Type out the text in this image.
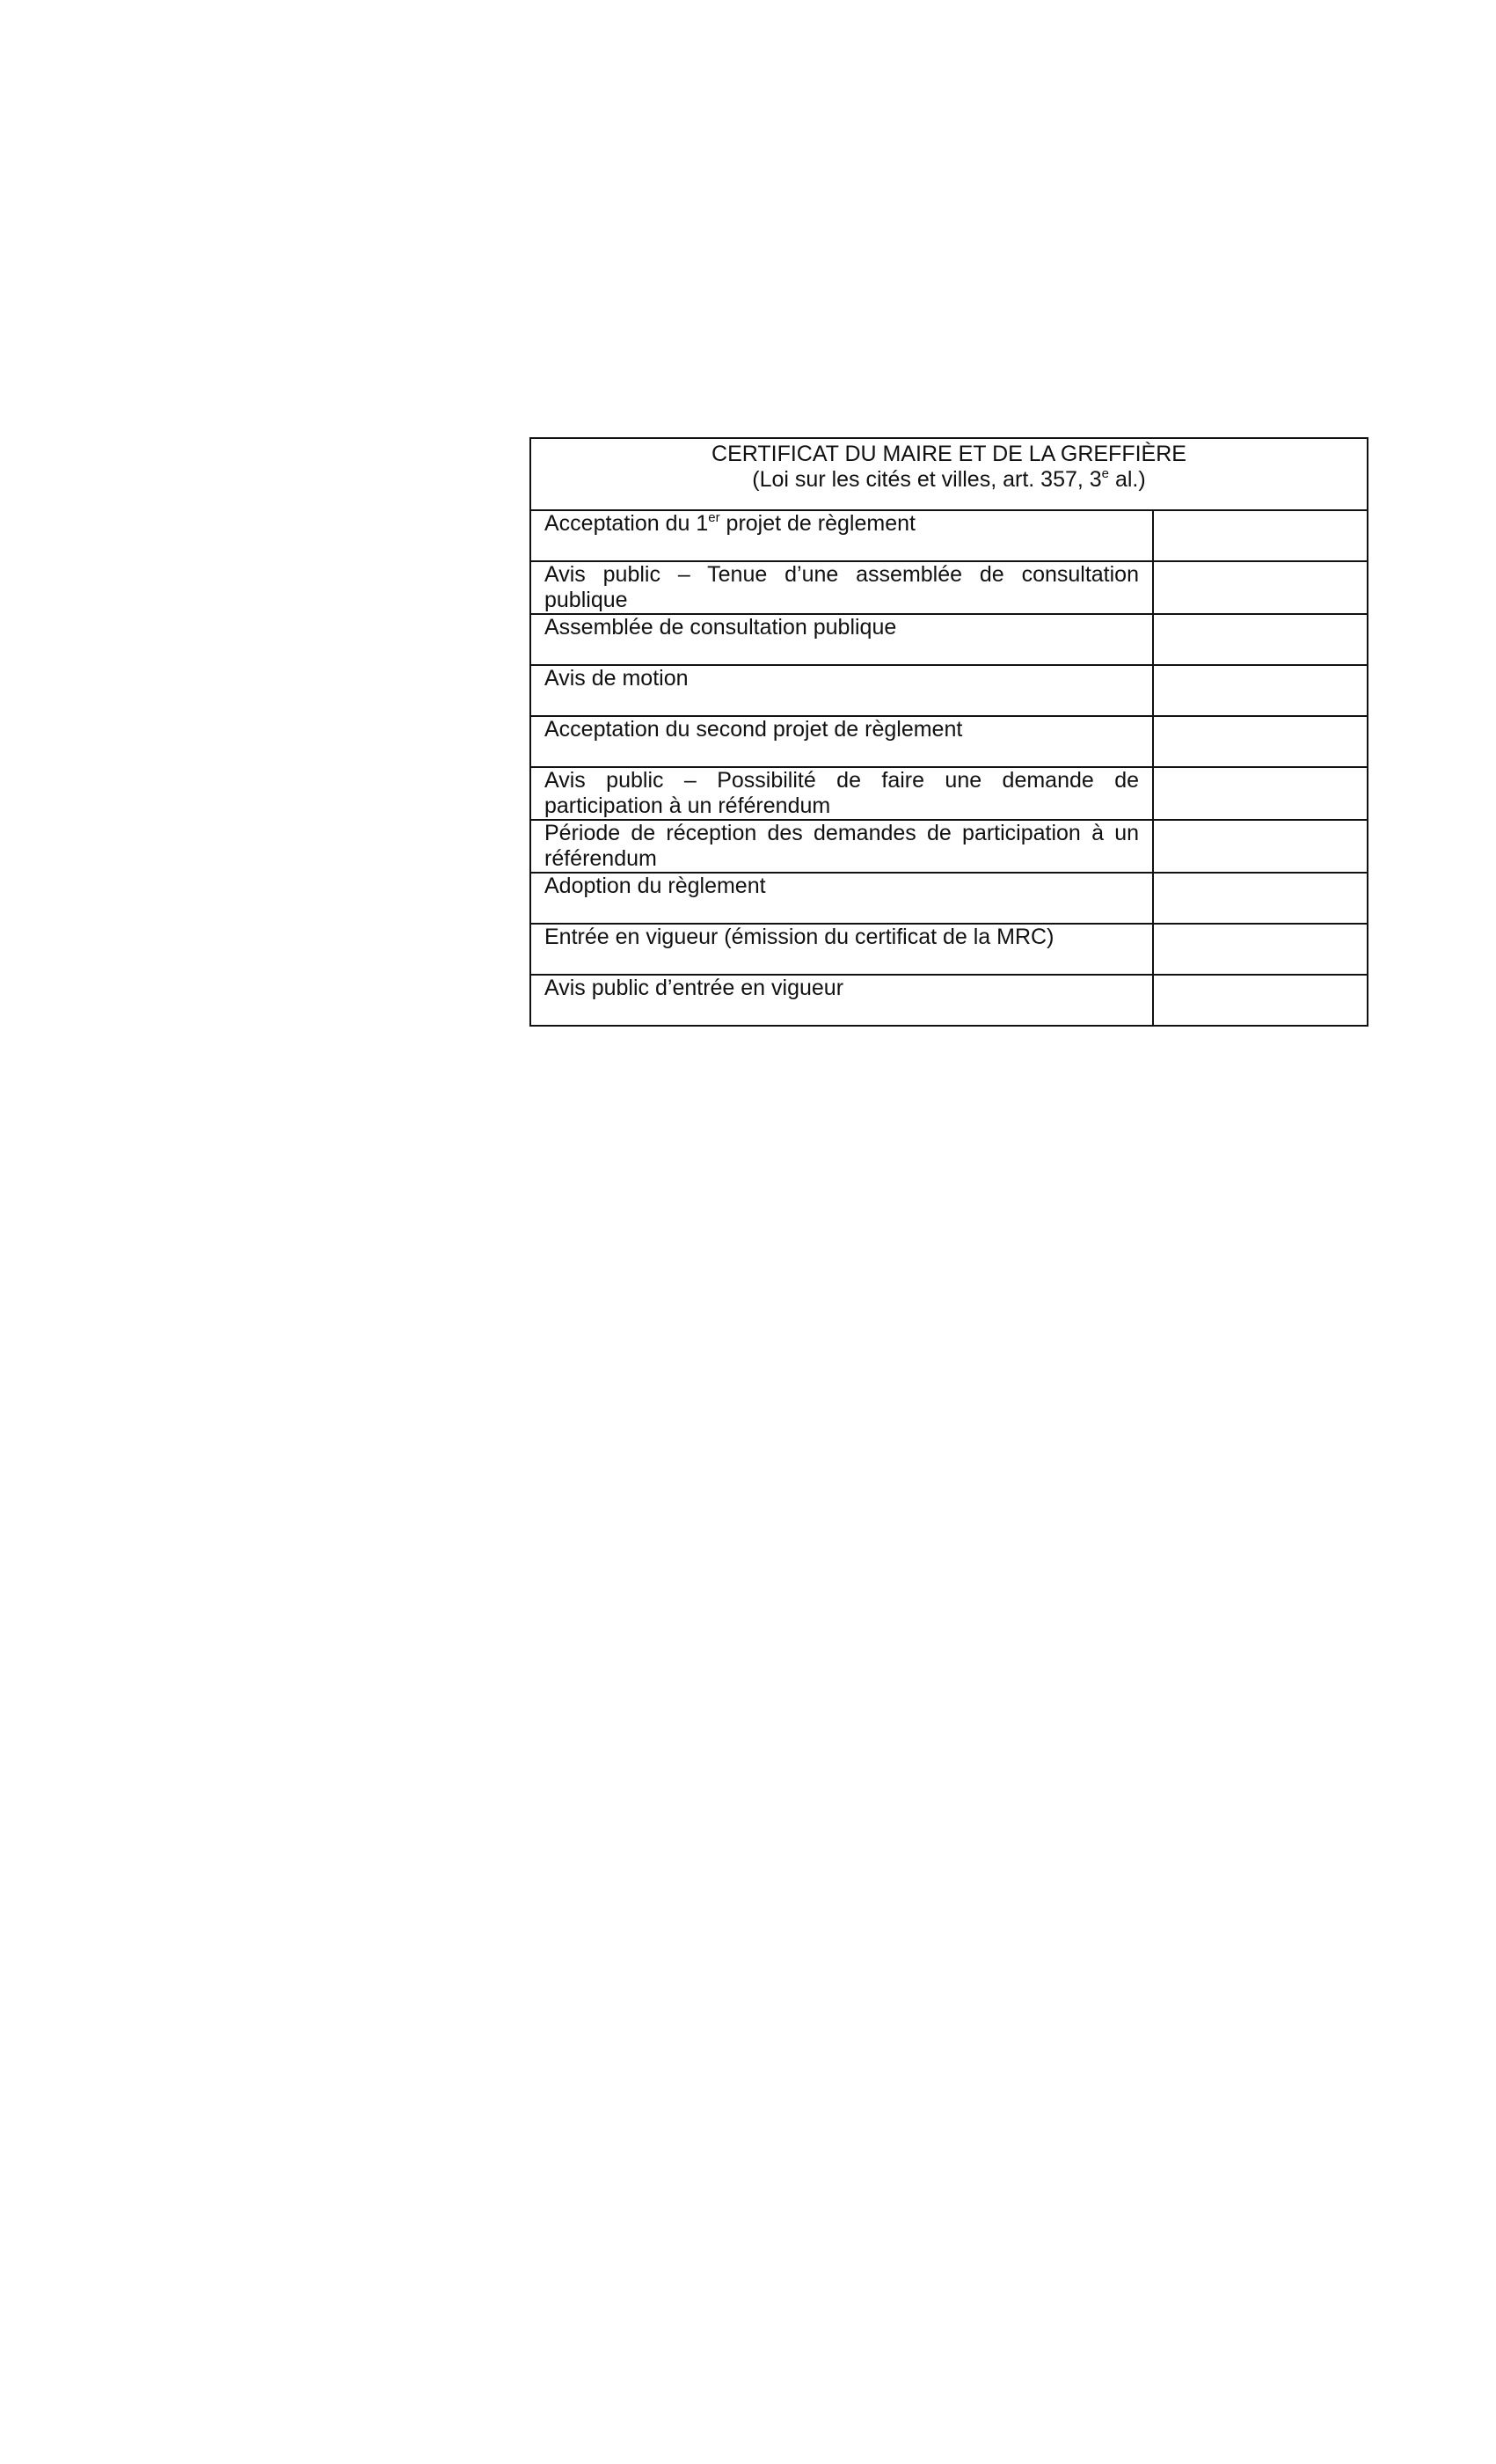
CERTIFICAT DU MAIRE ET DE LA GREFFIÈRE
(Loi sur les cités et villes, art. 357, 3e al.)	

Acceptation du 1er projet de règlement	

Avis public – Tenue d’une assemblée de consultation publique	

Assemblée de consultation publique	

Avis de motion	

Acceptation du second projet de règlement	

Avis public – Possibilité de faire une demande de participation à un référendum	

Période de réception des demandes de participation à un référendum	

Adoption du règlement	

Entrée en vigueur (émission du certificat de la MRC)	

Avis public d’entrée en vigueur	
